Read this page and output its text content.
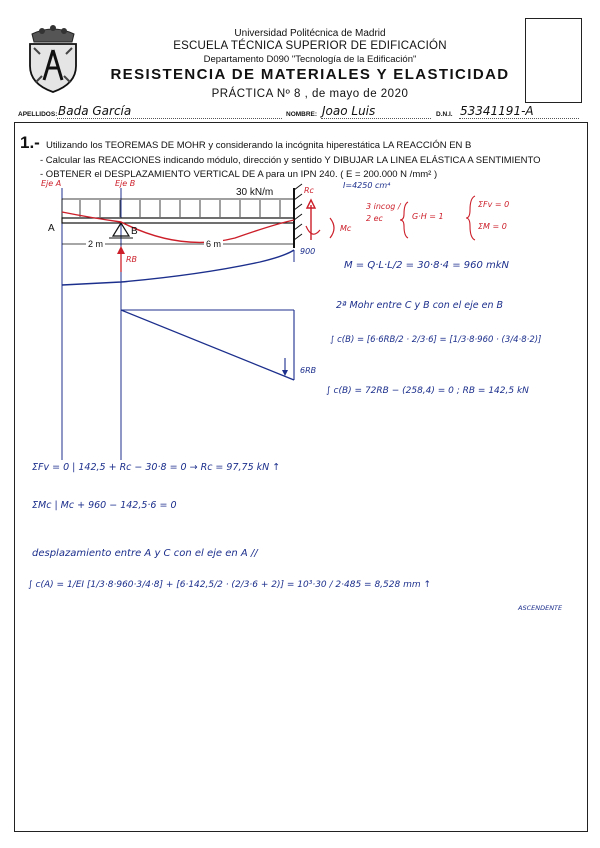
Universidad Politécnica de Madrid
ESCUELA TÉCNICA SUPERIOR DE EDIFICACIÓN
Departamento D090 "Tecnología de la Edificación"
RESISTENCIA DE MATERIALES Y ELASTICIDAD
PRÁCTICA Nº 8 , de mayo de 2020
APELLIDOS: Bada García	NOMBRE: Joao Luis	D.N.I. 53341191-A
1.- Utilizando los TEOREMAS DE MOHR y considerando la incógnita hiperestática LA REACCIÓN EN B
- Calcular las REACCIONES indicando módulo, dirección y sentido Y DIBUJAR LA LINEA ELÁSTICA A SENTIMIENTO
- OBTENER el DESPLAZAMIENTO VERTICAL DE A para un IPN 240. ( E = 200.000 N /mm² )
Eje A	Eje B
30 kN/m
I=4250 cm⁴
A	B
2 m	6 m
Rc
Mc
RB
900
6RB
3 incog / 2 ec	G·H = 1
ΣFv = 0
ΣM = 0
M = Q·L·L/2 = 30·8·4 = 960 mkN
2ª Mohr entre C y B con el eje en B
∫ c(B) = [6·6RB/2 · 2/3·6] = [1/3·8·960 · (3/4·8·2)]
∫ c(B) = 72RB − (258,4) = 0 ; RB = 142,5 kN
ΣFv = 0 | 142,5 + Rc − 30·8 = 0 → Rc = 97,75 kN ↑
ΣMc | Mc + 960 − 142,5·6 = 0
desplazamiento entre A y C con el eje en A //
∫ c(A) = 1/EI [1/3·8·960·3/4·8] + [6·142,5/2 · (2/3·6 + 2)] = 10³·30 / 2·485 = 8,528 mm ↑
ASCENDENTE
